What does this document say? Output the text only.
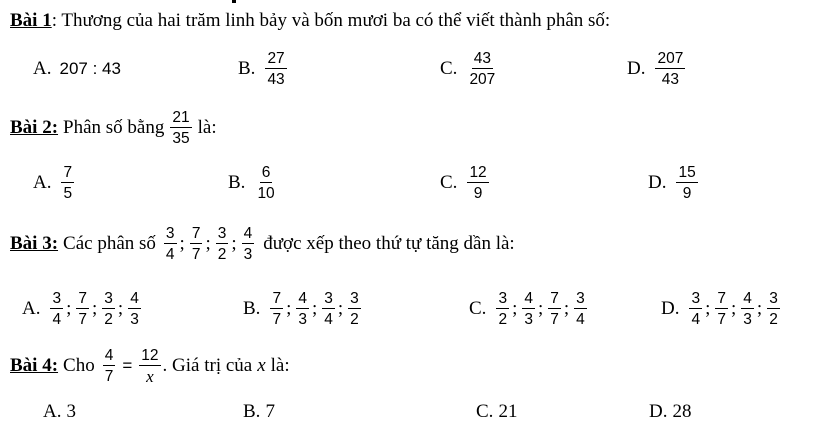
Bài 1 : Thương của hai trăm linh bảy và bốn mươi ba có thể viết thành phân số:
A. 207 : 43	B. $\frac{27}{43}$	C. $\frac{43}{207}$	D. $\frac{207}{43}$
Bài 2: Phân số bằng $\frac{21}{35}$ là:
A. $\frac{7}{5}$	B. $\frac{6}{10}$	C. $\frac{12}{9}$	D. $\frac{15}{9}$
Bài 3: Các phân số $\frac{3}{4}$ ; $\frac{7}{7}$ ; $\frac{3}{2}$ ; $\frac{4}{3}$ được xếp theo thứ tự tăng dần là:
A. $\frac{3}{4}$ ; $\frac{7}{7}$ ; $\frac{3}{2}$ ; $\frac{4}{3}$	B. $\frac{7}{7}$ ; $\frac{4}{3}$ ; $\frac{3}{4}$ ; $\frac{3}{2}$	C. $\frac{3}{2}$ ; $\frac{4}{3}$ ; $\frac{7}{7}$ ; $\frac{3}{4}$	D. $\frac{3}{4}$ ; $\frac{7}{7}$ ; $\frac{4}{3}$ ; $\frac{3}{2}$
Bài 4: Cho $\frac{4}{7} = \frac{12}{x}$ . Giá trị của x là:
A. 3	B. 7	C. 21	D. 28
